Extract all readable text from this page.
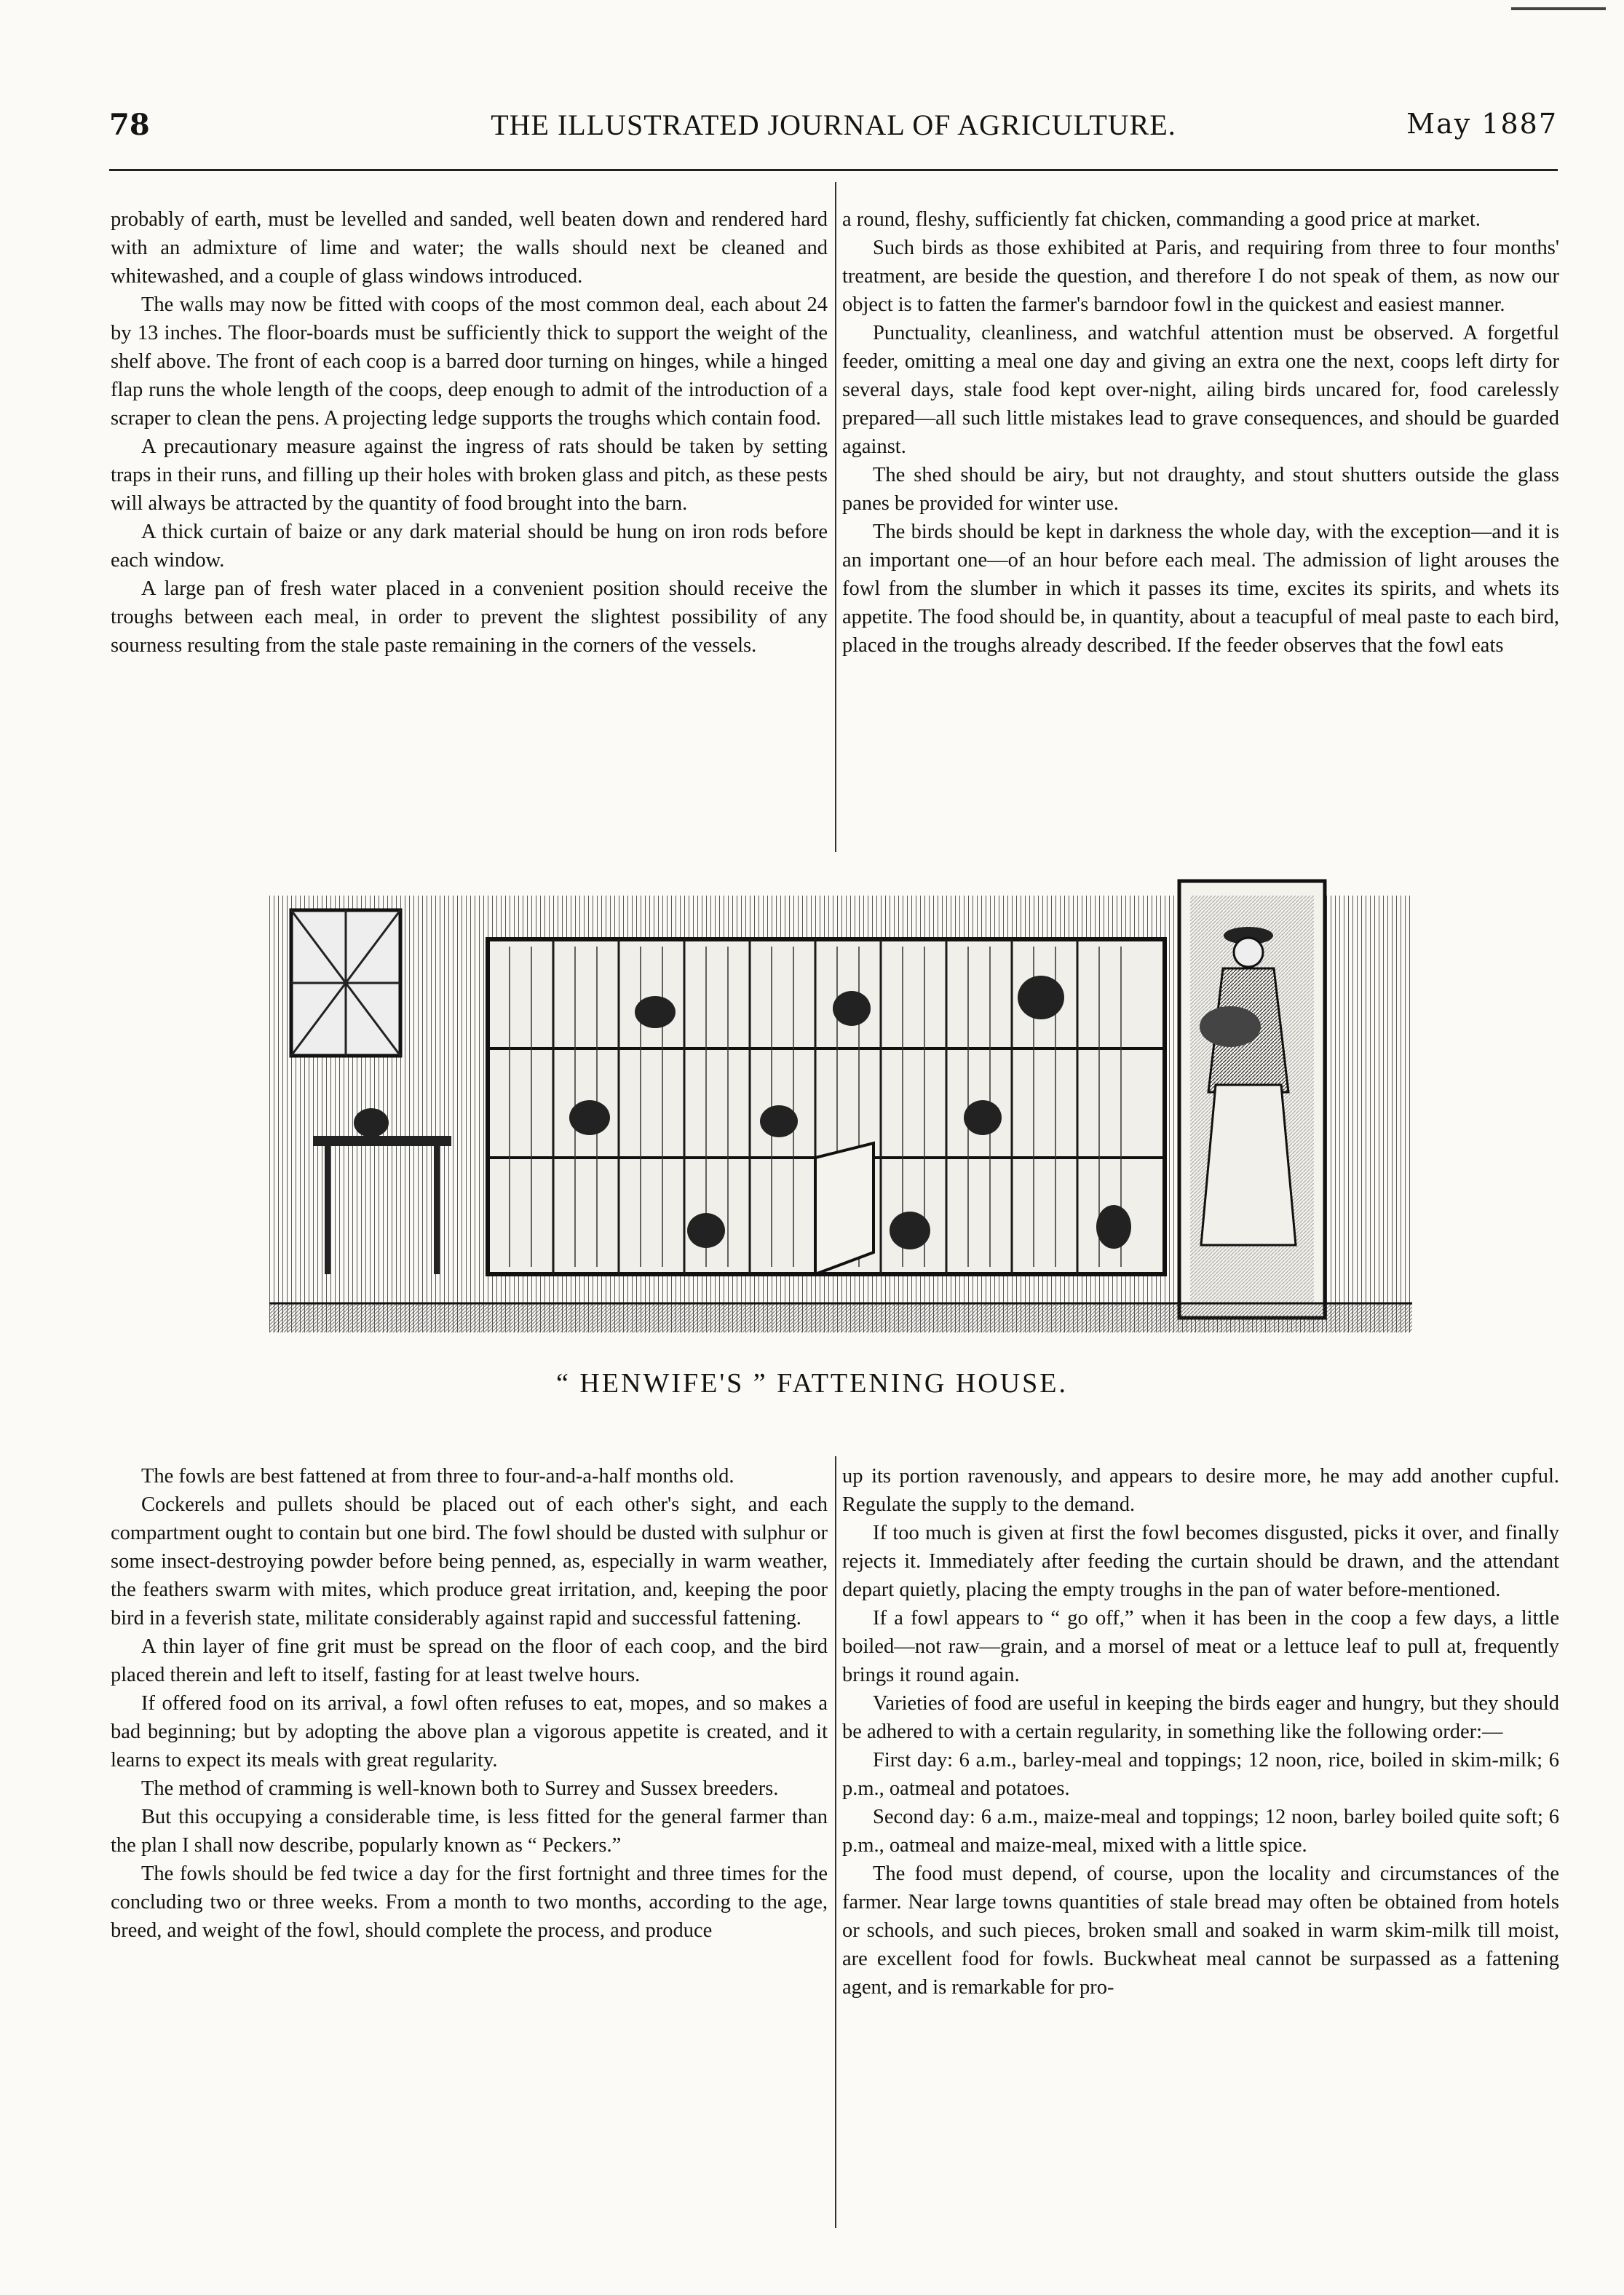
78	THE ILLUSTRATED JOURNAL OF AGRICULTURE.	May 1887

probably of earth, must be levelled and sanded, well beaten down and rendered hard with an admixture of lime and water; the walls should next be cleaned and whitewashed, and a couple of glass windows introduced.

The walls may now be fitted with coops of the most common deal, each about 24 by 13 inches. The floor-boards must be sufficiently thick to support the weight of the shelf above. The front of each coop is a barred door turning on hinges, while a hinged flap runs the whole length of the coops, deep enough to admit of the introduction of a scraper to clean the pens. A projecting ledge supports the troughs which contain food.

A precautionary measure against the ingress of rats should be taken by setting traps in their runs, and filling up their holes with broken glass and pitch, as these pests will always be attracted by the quantity of food brought into the barn.

A thick curtain of baize or any dark material should be hung on iron rods before each window.

A large pan of fresh water placed in a convenient position should receive the troughs between each meal, in order to prevent the slightest possibility of any sourness resulting from the stale paste remaining in the corners of the vessels.

a round, fleshy, sufficiently fat chicken, commanding a good price at market.

Such birds as those exhibited at Paris, and requiring from three to four months' treatment, are beside the question, and therefore I do not speak of them, as now our object is to fatten the farmer's barndoor fowl in the quickest and easiest manner.

Punctuality, cleanliness, and watchful attention must be observed. A forgetful feeder, omitting a meal one day and giving an extra one the next, coops left dirty for several days, stale food kept over-night, ailing birds uncared for, food carelessly prepared—all such little mistakes lead to grave consequences, and should be guarded against.

The shed should be airy, but not draughty, and stout shutters outside the glass panes be provided for winter use.

The birds should be kept in darkness the whole day, with the exception—and it is an important one—of an hour before each meal. The admission of light arouses the fowl from the slumber in which it passes its time, excites its spirits, and whets its appetite. The food should be, in quantity, about a teacupful of meal paste to each bird, placed in the troughs already described. If the feeder observes that the fowl eats

“ HENWIFE'S ” FATTENING HOUSE.

The fowls are best fattened at from three to four-and-a-half months old.

Cockerels and pullets should be placed out of each other's sight, and each compartment ought to contain but one bird. The fowl should be dusted with sulphur or some insect-destroying powder before being penned, as, especially in warm weather, the feathers swarm with mites, which produce great irritation, and, keeping the poor bird in a feverish state, militate considerably against rapid and successful fattening.

A thin layer of fine grit must be spread on the floor of each coop, and the bird placed therein and left to itself, fasting for at least twelve hours.

If offered food on its arrival, a fowl often refuses to eat, mopes, and so makes a bad beginning; but by adopting the above plan a vigorous appetite is created, and it learns to expect its meals with great regularity.

The method of cramming is well-known both to Surrey and Sussex breeders.

But this occupying a considerable time, is less fitted for the general farmer than the plan I shall now describe, popularly known as “ Peckers.”

The fowls should be fed twice a day for the first fortnight and three times for the concluding two or three weeks. From a month to two months, according to the age, breed, and weight of the fowl, should complete the process, and produce

up its portion ravenously, and appears to desire more, he may add another cupful. Regulate the supply to the demand.

If too much is given at first the fowl becomes disgusted, picks it over, and finally rejects it. Immediately after feeding the curtain should be drawn, and the attendant depart quietly, placing the empty troughs in the pan of water before-mentioned.

If a fowl appears to “ go off,” when it has been in the coop a few days, a little boiled—not raw—grain, and a morsel of meat or a lettuce leaf to pull at, frequently brings it round again.

Varieties of food are useful in keeping the birds eager and hungry, but they should be adhered to with a certain regularity, in something like the following order:—

First day: 6 a.m., barley-meal and toppings; 12 noon, rice, boiled in skim-milk; 6 p.m., oatmeal and potatoes.

Second day: 6 a.m., maize-meal and toppings; 12 noon, barley boiled quite soft; 6 p.m., oatmeal and maize-meal, mixed with a little spice.

The food must depend, of course, upon the locality and circumstances of the farmer. Near large towns quantities of stale bread may often be obtained from hotels or schools, and such pieces, broken small and soaked in warm skim-milk till moist, are excellent food for fowls. Buckwheat meal cannot be surpassed as a fattening agent, and is remarkable for pro-
